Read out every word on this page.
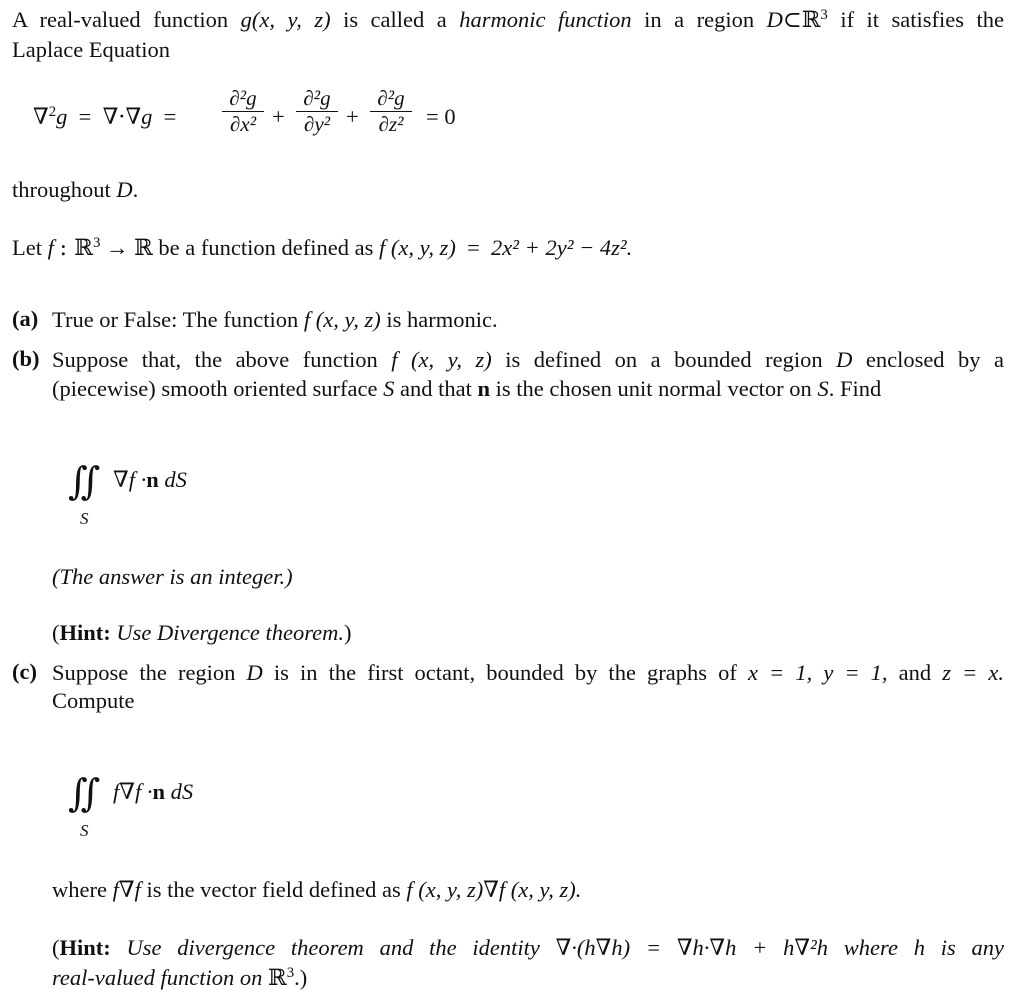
A real-valued function g(x, y, z) is called a harmonic function in a region D⊂ℝ$^3$ if it satisfies the
Laplace Equation
∇$^2$g = ∇·∇g =
∂²g
∂x² +
∂²g
∂y² +
∂²g
∂z²	= 0
throughout D.
Let f : ℝ$^3$ → ℝ be a function defined as f (x, y, z) = 2x² + 2y² − 4z².
(a) True or False: The function f (x, y, z) is harmonic.
(b) Suppose that, the above function f (x, y, z) is defined on a bounded region D enclosed by a
(piecewise) smooth oriented surface S and that n is the chosen unit normal vector on S. Find
∬
S
∇f ·n dS
(The answer is an integer.)
(Hint: Use Divergence theorem.)
(c) Suppose the region D is in the first octant, bounded by the graphs of x = 1, y = 1, and z = x.
Compute
∬
S
f∇f ·n dS
where f∇f is the vector field defined as f (x, y, z)∇f (x, y, z).
(Hint: Use divergence theorem and the identity ∇·(h∇h) = ∇h·∇h + h∇²h where h is any
real-valued function on ℝ$^3$.)
